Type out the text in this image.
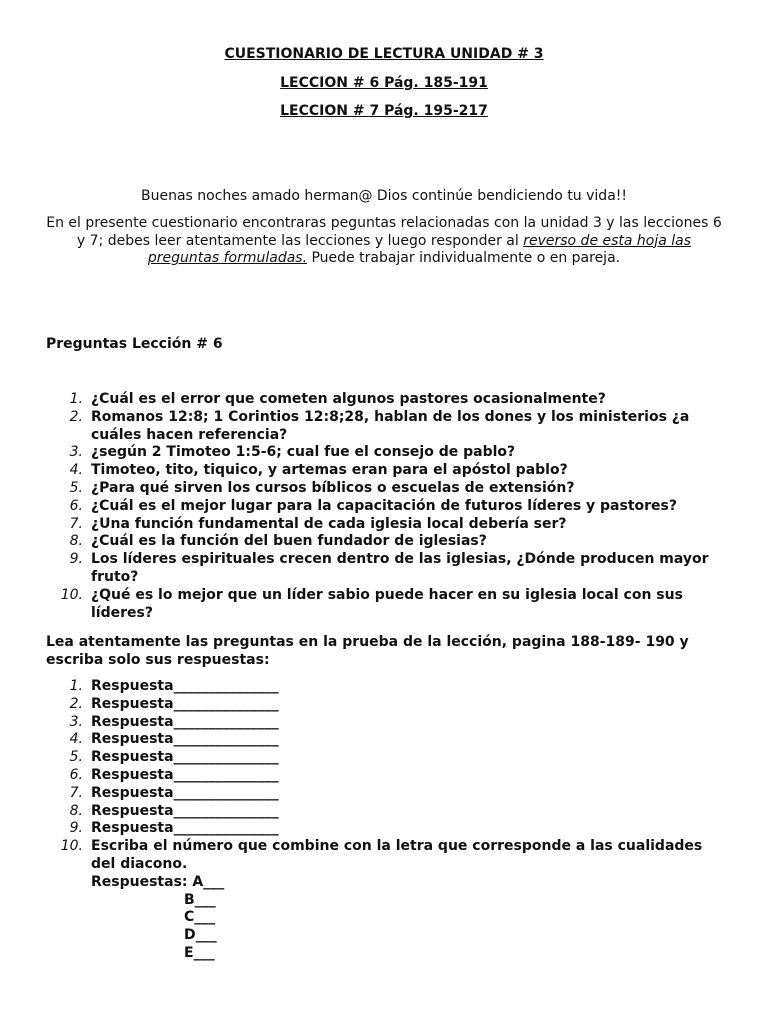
CUESTIONARIO DE LECTURA UNIDAD # 3
LECCION # 6 Pág. 185-191
LECCION # 7 Pág. 195-217
Buenas noches amado herman@ Dios continúe bendiciendo tu vida!!
En el presente cuestionario encontraras peguntas relacionadas con la unidad 3 y las lecciones 6 y 7; debes leer atentamente las lecciones y luego responder al reverso de esta hoja las preguntas formuladas. Puede trabajar individualmente o en pareja.
Preguntas Lección # 6
1. ¿Cuál es el error que cometen algunos pastores ocasionalmente?
2. Romanos 12:8; 1 Corintios 12:8;28, hablan de los dones y los ministerios ¿a cuáles hacen referencia?
3. ¿según 2 Timoteo 1:5-6; cual fue el consejo de pablo?
4. Timoteo, tito, tiquico, y artemas eran para el apóstol pablo?
5. ¿Para qué sirven los cursos bíblicos o escuelas de extensión?
6. ¿Cuál es el mejor lugar para la capacitación de futuros líderes y pastores?
7. ¿Una función fundamental de cada iglesia local debería ser?
8. ¿Cuál es la función del buen fundador de iglesias?
9. Los líderes espirituales crecen dentro de las iglesias, ¿Dónde producen mayor fruto?
10. ¿Qué es lo mejor que un líder sabio puede hacer en su iglesia local con sus líderes?
Lea atentamente las preguntas en la prueba de la lección, pagina 188-189- 190 y escriba solo sus respuestas:
1. Respuesta_______________
2. Respuesta_______________
3. Respuesta_______________
4. Respuesta_______________
5. Respuesta_______________
6. Respuesta_______________
7. Respuesta_______________
8. Respuesta_______________
9. Respuesta_______________
10. Escriba el número que combine con la letra que corresponde a las cualidades del diacono.
Respuestas: A___
B___
C___
D___
E___
